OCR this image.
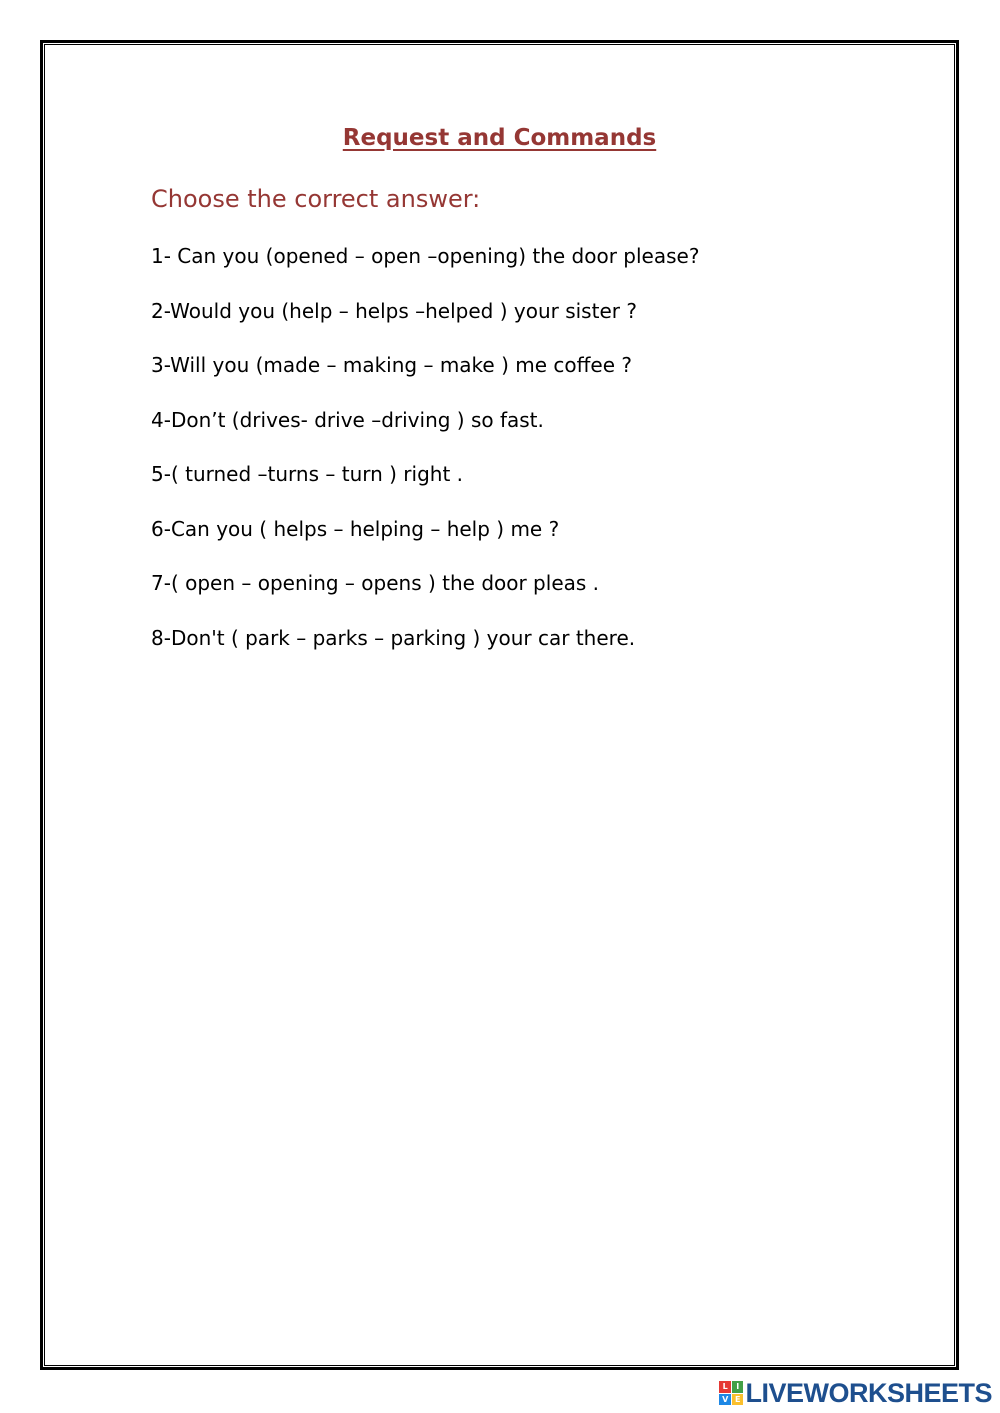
Request and Commands

Choose the correct answer:

1- Can you (opened – open –opening) the door please?
2-Would you (help – helps –helped ) your sister ?
3-Will you (made – making – make ) me coffee ?
4-Don’t (drives- drive –driving ) so fast.
5-( turned –turns – turn ) right .
6-Can you ( helps – helping – help ) me ?
7-( open – opening – opens ) the door pleas .
8-Don't ( park – parks – parking ) your car there.
L	I
V E LIVEWORKSHEETS
